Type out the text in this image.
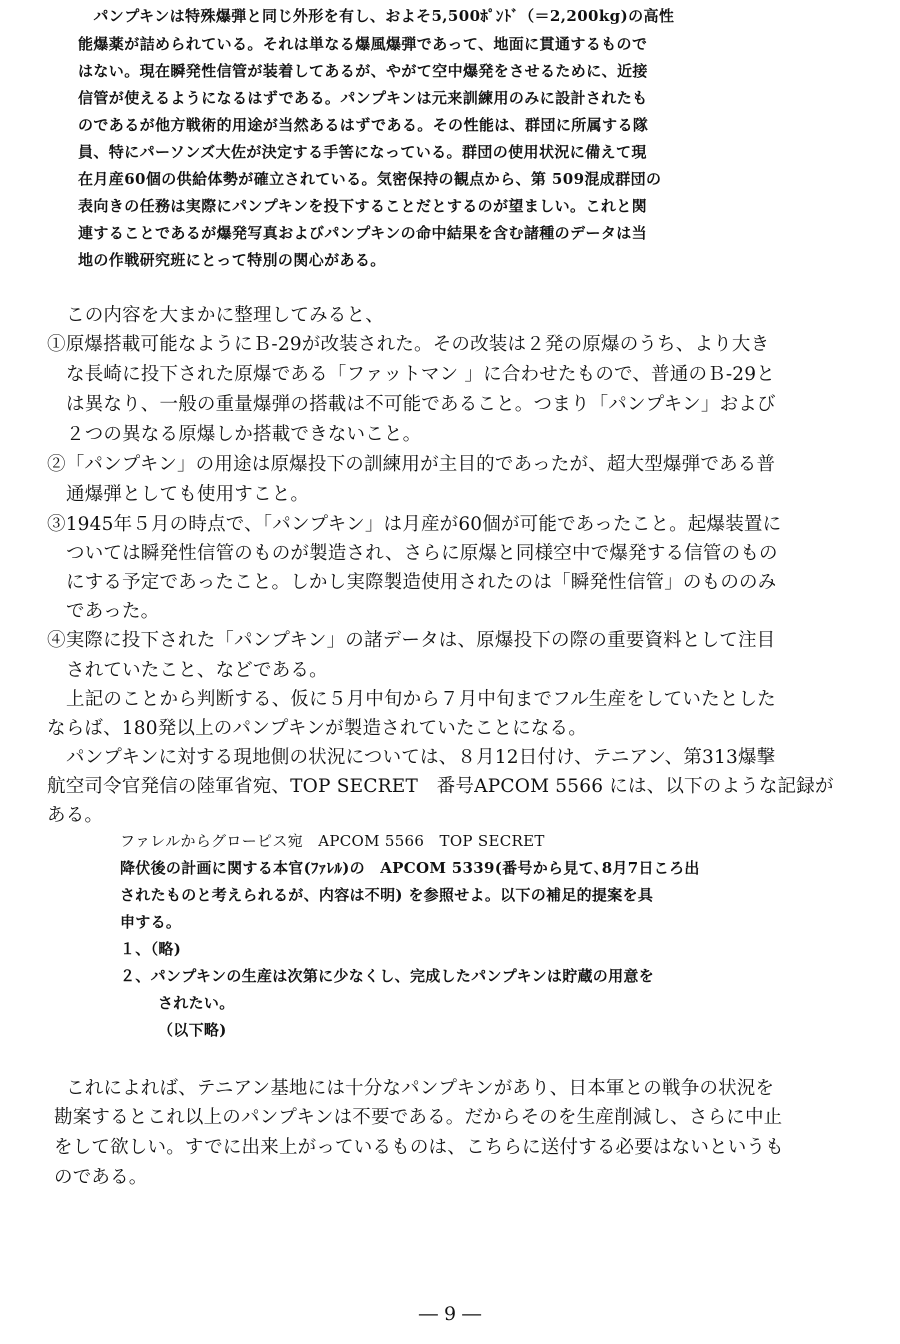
　パンプキンは特殊爆弾と同じ外形を有し、およそ5,500ﾎﾟﾝﾄﾞ（＝2,200kg)の高性
能爆薬が詰められている。それは単なる爆風爆弾であって、地面に貫通するもので
はない。現在瞬発性信管が装着してあるが、やがて空中爆発をさせるために、近接
信管が使えるようになるはずである。パンプキンは元来訓練用のみに設計されたも
のであるが他方戦術的用途が当然あるはずである。その性能は、群団に所属する隊
員、特にパーソンズ大佐が決定する手筈になっている。群団の使用状況に備えて現
在月産60個の供給体勢が確立されている。気密保持の観点から、第 509混成群団の
表向きの任務は実際にパンプキンを投下することだとするのが望ましい。これと関
連することであるが爆発写真およびパンプキンの命中結果を含む諸種のデータは当
地の作戦研究班にとって特別の関心がある。
この内容を大まかに整理してみると、
①原爆搭載可能なようにＢ-29が改装された。その改装は２発の原爆のうち、より大き
な長崎に投下された原爆である「ファットマン 」に合わせたもので、普通のＢ-29と
は異なり、一般の重量爆弾の搭載は不可能であること。つまり「パンプキン」および
２つの異なる原爆しか搭載できないこと。
②「パンプキン」の用途は原爆投下の訓練用が主目的であったが、超大型爆弾である普
通爆弾としても使用すこと。
③1945年５月の時点で、「パンプキン」は月産が60個が可能であったこと。起爆装置に
ついては瞬発性信管のものが製造され、さらに原爆と同様空中で爆発する信管のもの
にする予定であったこと。しかし実際製造使用されたのは「瞬発性信管」のもののみ
であった。
④実際に投下された「パンプキン」の諸データは、原爆投下の際の重要資料として注目
されていたこと、などである。
上記のことから判断する、仮に５月中旬から７月中旬までフル生産をしていたとした
ならば、180発以上のパンプキンが製造されていたことになる。
パンプキンに対する現地側の状況については、８月12日付け、テニアン、第313爆撃
航空司令官発信の陸軍省宛、TOP SECRET　番号APCOM 5566 には、以下のような記録が
ある。
ファレルからグローピス宛　APCOM 5566　TOP SECRET
降伏後の計画に関する本官(ﾌｧﾚﾙ)の　APCOM 5339(番号から見て､8月7日ころ出
されたものと考えられるが、内容は不明) を参照せよ。以下の補足的提案を具
申する。
１、（略)
２、パンプキンの生産は次第に少なくし、完成したパンプキンは貯蔵の用意を
されたい。
（以下略)
これによれば、テニアン基地には十分なパンプキンがあり、日本軍との戦争の状況を
勘案するとこれ以上のパンプキンは不要である。だからそのを生産削減し、さらに中止
をして欲しい。すでに出来上がっているものは、こちらに送付する必要はないというも
のである。
― 9 ―
